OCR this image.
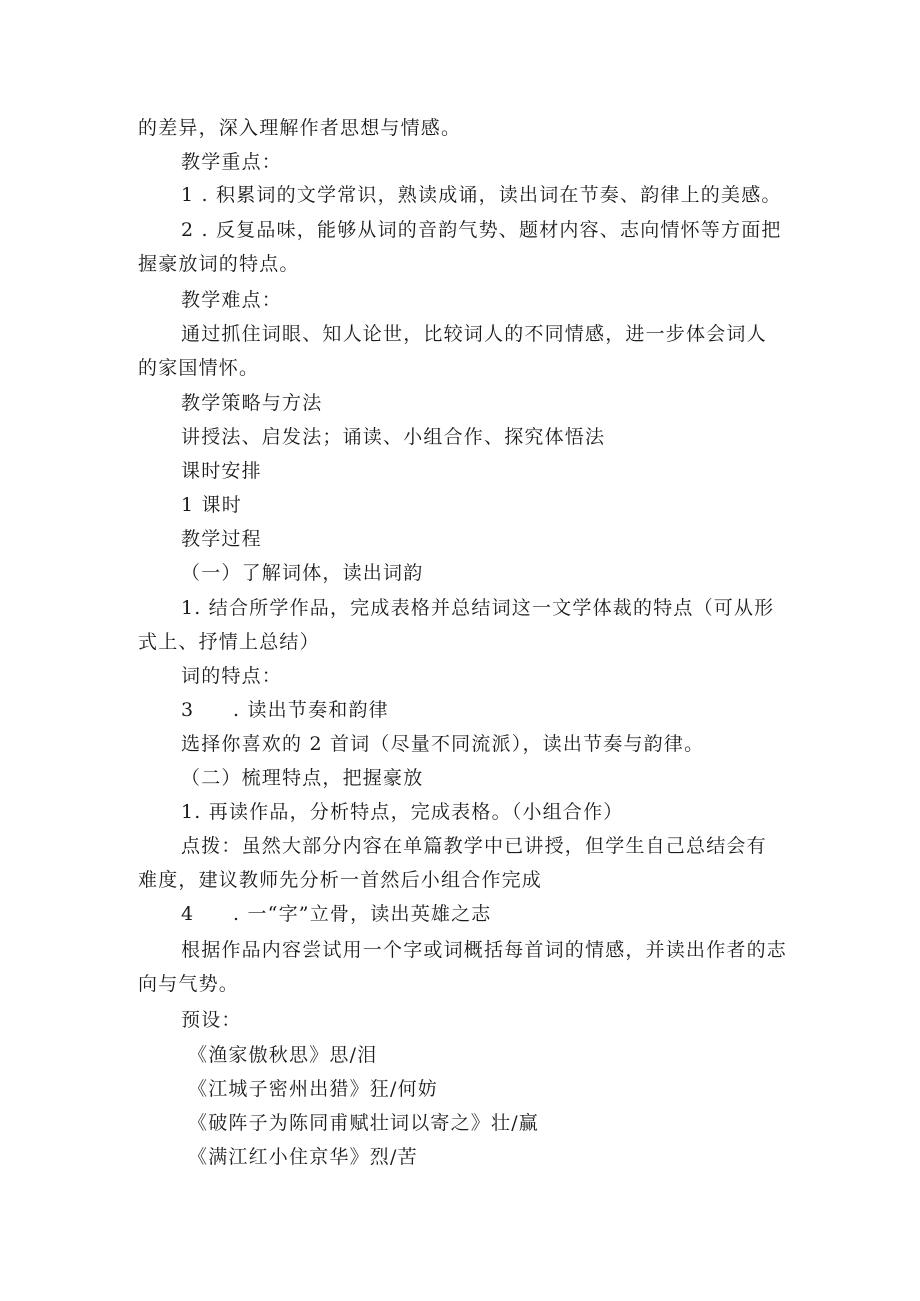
的差异，深入理解作者思想与情感。
教学重点：
1 . 积累词的文学常识，熟读成诵，读出词在节奏、韵律上的美感。
2 . 反复品味，能够从词的音韵气势、题材内容、志向情怀等方面把
握豪放词的特点。
教学难点：
通过抓住词眼、知人论世，比较词人的不同情感，进一步体会词人
的家国情怀。
教学策略与方法
讲授法、启发法；诵读、小组合作、探究体悟法
课时安排
1 课时
教学过程
（一）了解词体，读出词韵
1. 结合所学作品，完成表格并总结词这一文学体裁的特点（可从形
式上、抒情上总结）
词的特点：
3 . 读出节奏和韵律
选择你喜欢的 2 首词（尽量不同流派），读出节奏与韵律。
（二）梳理特点，把握豪放
1. 再读作品，分析特点，完成表格。（小组合作）
点拨：虽然大部分内容在单篇教学中已讲授，但学生自己总结会有
难度，建议教师先分析一首然后小组合作完成
4 . 一“字”立骨，读出英雄之志
根据作品内容尝试用一个字或词概括每首词的情感，并读出作者的志
向与气势。
预设：
《渔家傲秋思》思/泪
《江城子密州出猎》狂/何妨
《破阵子为陈同甫赋壮词以寄之》壮/赢
《满江红小住京华》烈/苦
